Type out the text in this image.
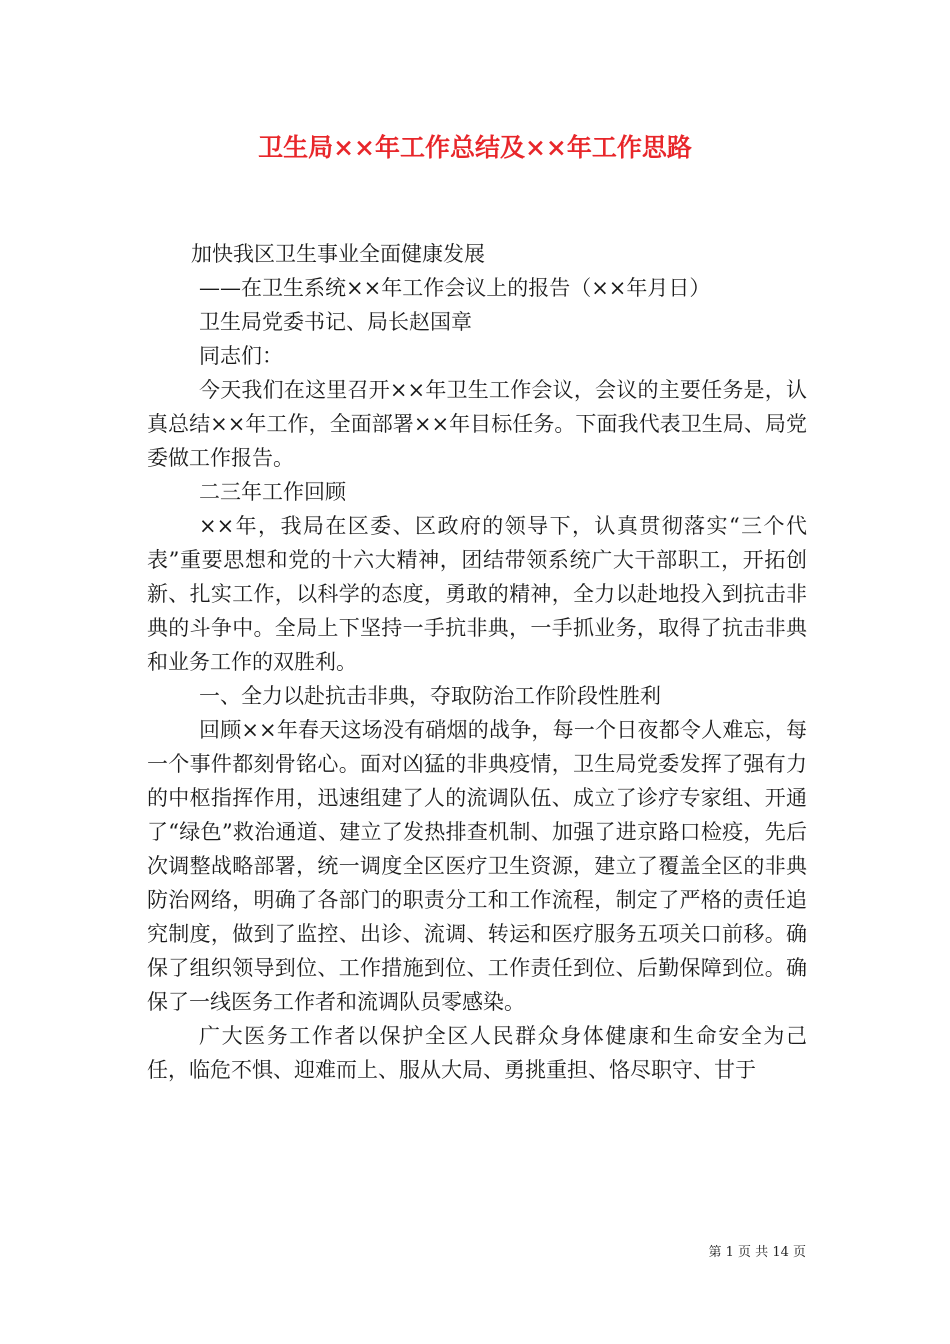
卫生局××年工作总结及××年工作思路

加快我区卫生事业全面健康发展

——在卫生系统××年工作会议上的报告（××年月日）

卫生局党委书记、局长赵国章

同志们：

今天我们在这里召开××年卫生工作会议，会议的主要任务是，认真总结××年工作，全面部署××年目标任务。下面我代表卫生局、局党委做工作报告。

二三年工作回顾

××年，我局在区委、区政府的领导下，认真贯彻落实“三个代表”重要思想和党的十六大精神，团结带领系统广大干部职工，开拓创新、扎实工作，以科学的态度，勇敢的精神，全力以赴地投入到抗击非典的斗争中。全局上下坚持一手抗非典，一手抓业务，取得了抗击非典和业务工作的双胜利。

一、全力以赴抗击非典，夺取防治工作阶段性胜利

回顾××年春天这场没有硝烟的战争，每一个日夜都令人难忘，每一个事件都刻骨铭心。面对凶猛的非典疫情，卫生局党委发挥了强有力的中枢指挥作用，迅速组建了人的流调队伍、成立了诊疗专家组、开通了“绿色”救治通道、建立了发热排查机制、加强了进京路口检疫，先后次调整战略部署，统一调度全区医疗卫生资源，建立了覆盖全区的非典防治网络，明确了各部门的职责分工和工作流程，制定了严格的责任追究制度，做到了监控、出诊、流调、转运和医疗服务五项关口前移。确保了组织领导到位、工作措施到位、工作责任到位、后勤保障到位。确保了一线医务工作者和流调队员零感染。

广大医务工作者以保护全区人民群众身体健康和生命安全为己任，临危不惧、迎难而上、服从大局、勇挑重担、恪尽职守、甘于

第 1 页 共 14 页
